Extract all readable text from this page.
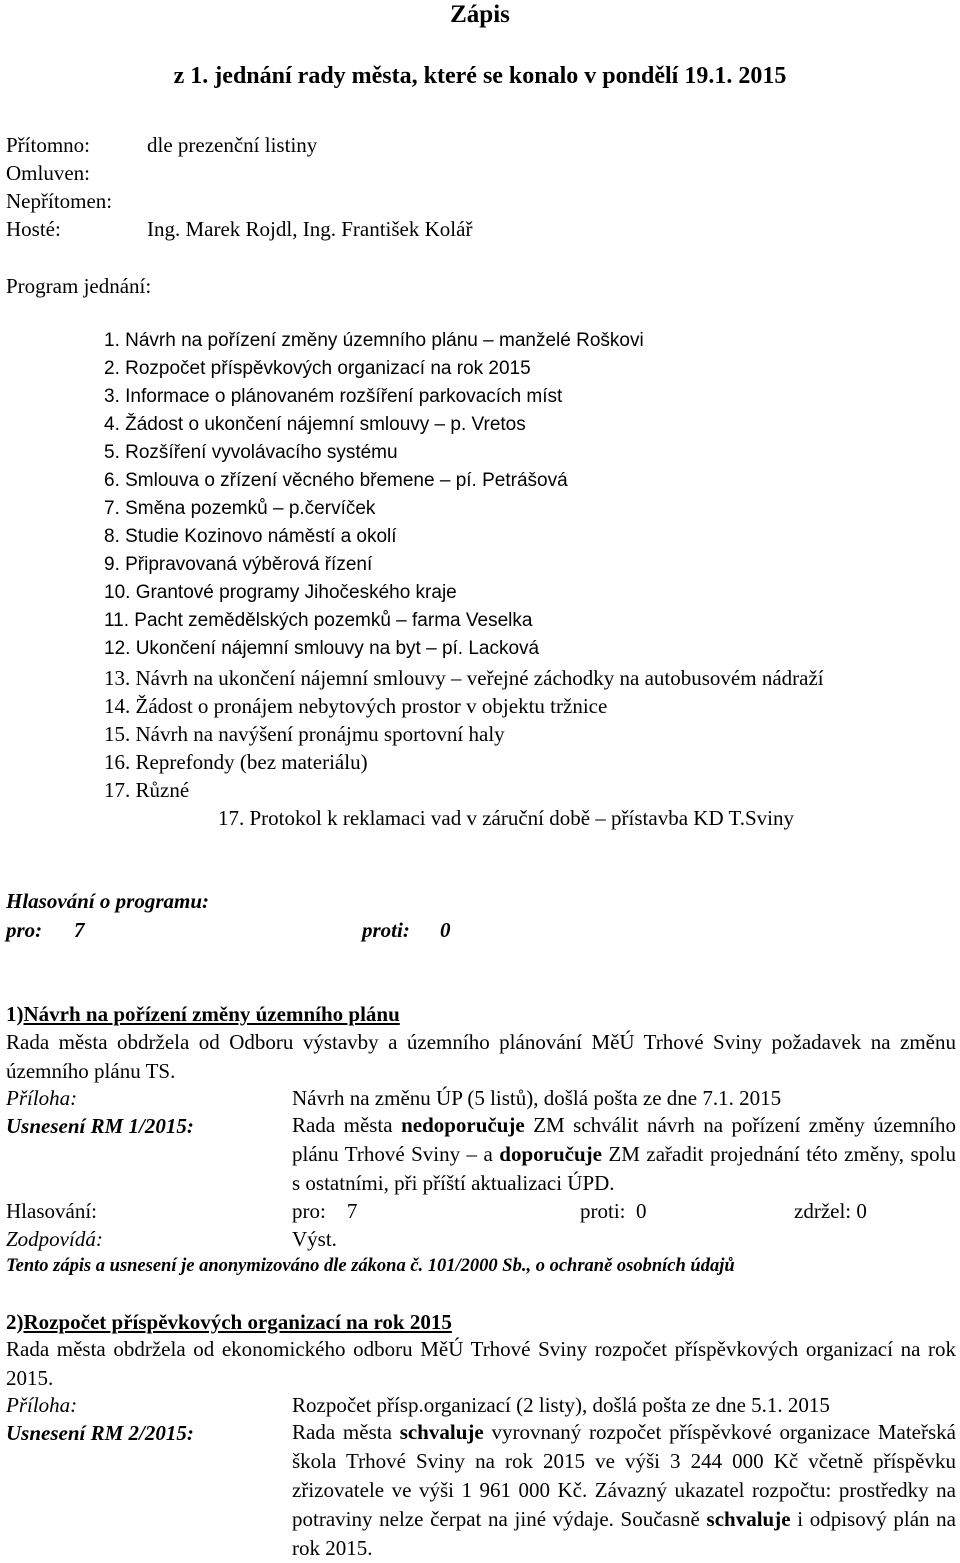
Zápis
z 1. jednání rady města, které se konalo v pondělí 19.1. 2015
Přítomno:	dle prezenční listiny
Omluven:
Nepřítomen:
Hosté:	Ing. Marek Rojdl, Ing. František Kolář
Program jednání:
1. Návrh na pořízení změny územního plánu – manželé Roškovi
2. Rozpočet příspěvkových organizací na rok 2015
3. Informace o plánovaném rozšíření parkovacích míst
4. Žádost o ukončení nájemní smlouvy – p. Vretos
5. Rozšíření vyvolávacího systému
6. Smlouva o zřízení věcného břemene – pí. Petrášová
7. Směna pozemků – p.červíček
8. Studie Kozinovo náměstí a okolí
9. Připravovaná výběrová řízení
10. Grantové programy Jihočeského kraje
11. Pacht zemědělských pozemků – farma Veselka
12. Ukončení nájemní smlouvy na byt – pí. Lacková
13. Návrh na ukončení nájemní smlouvy – veřejné záchodky na autobusovém nádraží
14. Žádost o pronájem nebytových prostor v objektu tržnice
15. Návrh na navýšení pronájmu sportovní haly
16. Reprefondy (bez materiálu)
17. Různé
17. Protokol k reklamaci vad v záruční době – přístavba KD T.Sviny
Hlasování o programu:
pro: 7	proti: 0
1)Návrh na pořízení změny územního plánu
Rada města obdržela od Odboru výstavby a územního plánování MěÚ Trhové Sviny požadavek na změnu územního plánu TS.
Příloha:	Návrh na změnu ÚP (5 listů), došlá pošta ze dne 7.1. 2015
Usnesení RM 1/2015:	Rada města nedoporučuje ZM schválit návrh na pořízení změny územního plánu Trhové Sviny – a doporučuje ZM zařadit projednání této změny, spolu s ostatními, při příští aktualizaci ÚPD.
Hlasování:	pro:    7	proti:  0	zdržel: 0
Zodpovídá:	Výst.
Tento zápis a usnesení je anonymizováno dle zákona č. 101/2000 Sb., o ochraně osobních údajů
2)Rozpočet příspěvkových organizací na rok 2015
Rada města obdržela od ekonomického odboru MěÚ Trhové Sviny rozpočet příspěvkových organizací na rok 2015.
Příloha:	Rozpočet přísp.organizací (2 listy), došlá pošta ze dne 5.1. 2015
Usnesení RM 2/2015:	Rada města schvaluje vyrovnaný rozpočet příspěvkové organizace Mateřská škola Trhové Sviny na rok 2015 ve výši 3 244 000 Kč včetně příspěvku zřizovatele ve výši 1 961 000 Kč. Závazný ukazatel rozpočtu: prostředky na potraviny nelze čerpat na jiné výdaje. Současně schvaluje i odpisový plán na rok 2015.
